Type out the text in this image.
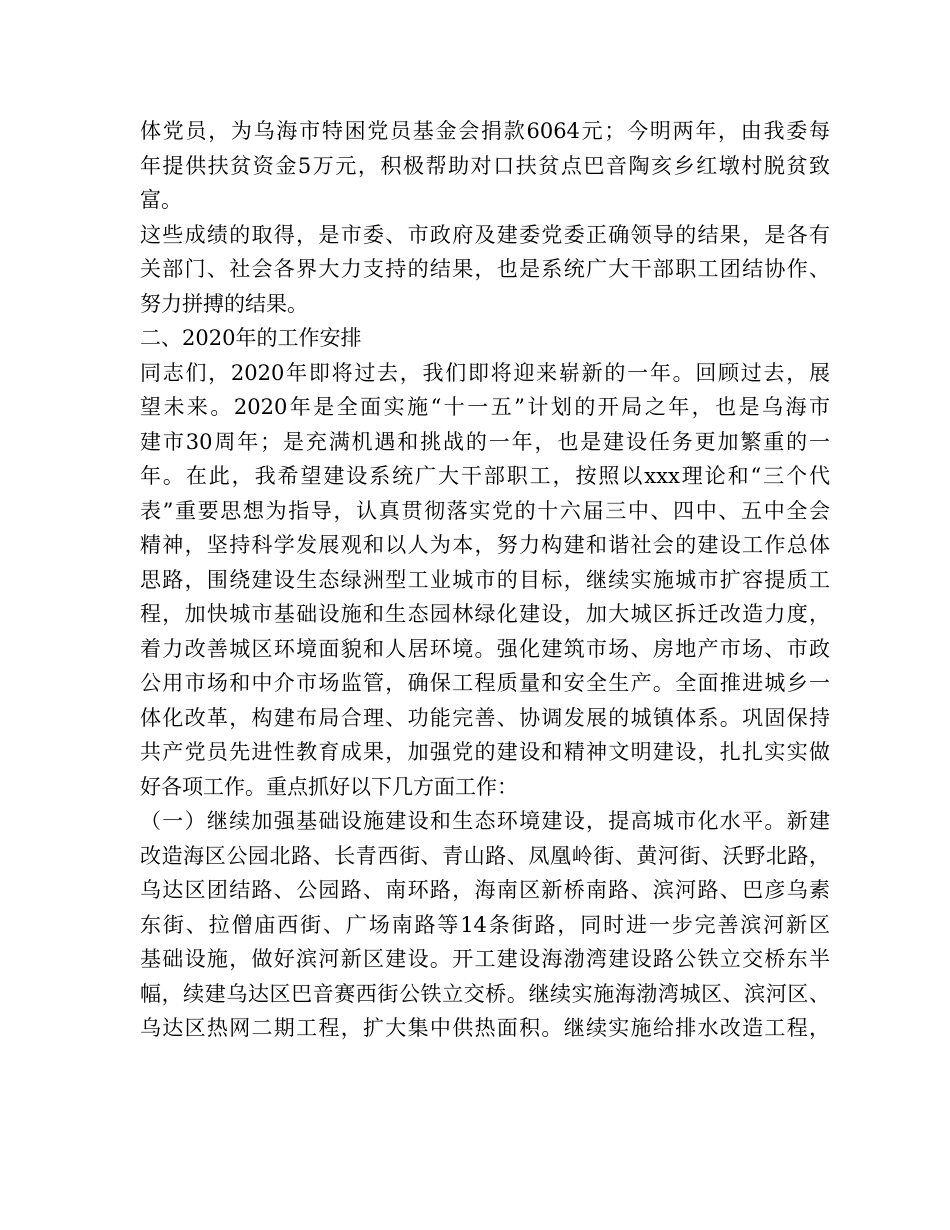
体党员，为乌海市特困党员基金会捐款6064元；今明两年，由我委每
年提供扶贫资金5万元，积极帮助对口扶贫点巴音陶亥乡红墩村脱贫致
富。
这些成绩的取得，是市委、市政府及建委党委正确领导的结果，是各有
关部门、社会各界大力支持的结果，也是系统广大干部职工团结协作、
努力拼搏的结果。
二、2020年的工作安排
同志们，2020年即将过去，我们即将迎来崭新的一年。回顾过去，展
望未来。2020年是全面实施“十一五”计划的开局之年，也是乌海市
建市30周年；是充满机遇和挑战的一年，也是建设任务更加繁重的一
年。在此，我希望建设系统广大干部职工，按照以xxx理论和“三个代
表”重要思想为指导，认真贯彻落实党的十六届三中、四中、五中全会
精神，坚持科学发展观和以人为本，努力构建和谐社会的建设工作总体
思路，围绕建设生态绿洲型工业城市的目标，继续实施城市扩容提质工
程，加快城市基础设施和生态园林绿化建设，加大城区拆迁改造力度，
着力改善城区环境面貌和人居环境。强化建筑市场、房地产市场、市政
公用市场和中介市场监管，确保工程质量和安全生产。全面推进城乡一
体化改革，构建布局合理、功能完善、协调发展的城镇体系。巩固保持
共产党员先进性教育成果，加强党的建设和精神文明建设，扎扎实实做
好各项工作。重点抓好以下几方面工作：
（一）继续加强基础设施建设和生态环境建设，提高城市化水平。新建
改造海区公园北路、长青西街、青山路、凤凰岭街、黄河街、沃野北路，
乌达区团结路、公园路、南环路，海南区新桥南路、滨河路、巴彦乌素
东街、拉僧庙西街、广场南路等14条街路，同时进一步完善滨河新区
基础设施，做好滨河新区建设。开工建设海渤湾建设路公铁立交桥东半
幅，续建乌达区巴音赛西街公铁立交桥。继续实施海渤湾城区、滨河区、
乌达区热网二期工程，扩大集中供热面积。继续实施给排水改造工程，
